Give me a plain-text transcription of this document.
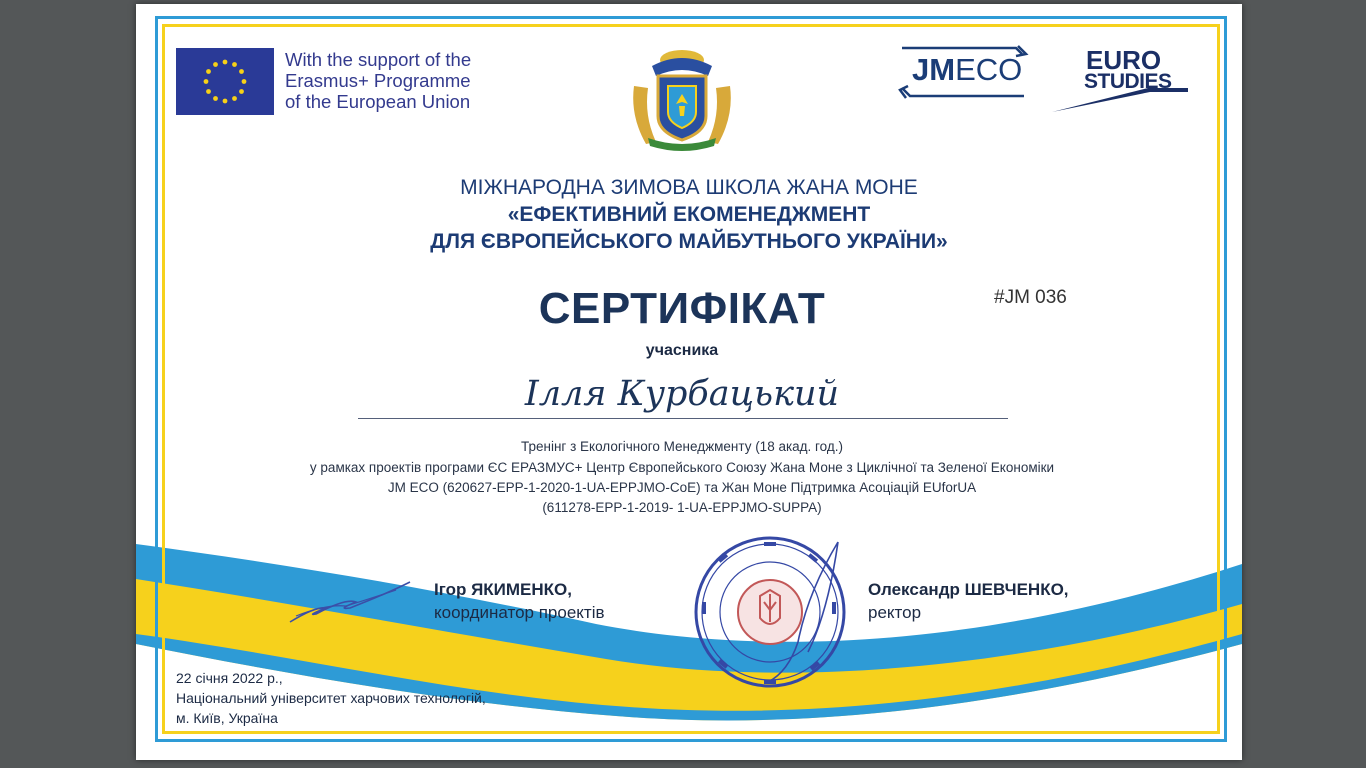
With the support of the
Erasmus+ Programme
of the European Union
JMECO EURO
STUDIES
МІЖНАРОДНА ЗИМОВА ШКОЛА ЖАНА МОНЕ
«ЕФЕКТИВНИЙ ЕКОМЕНЕДЖМЕНТ
ДЛЯ ЄВРОПЕЙСЬКОГО МАЙБУТНЬОГО УКРАЇНИ»
СЕРТИФІКАТ	#JM 036
учасника
Ілля Курбацький
Тренінг з Екологічного Менеджменту (18 акад. год.)
у рамках проектів програми ЄС ЕРАЗМУС+ Центр Європейського Союзу Жана Моне з Циклічної та Зеленої Економіки
JM ECO (620627-EPP-1-2020-1-UA-EPPJMO-CoE) та Жан Моне Підтримка Асоціацій EUforUA
(611278-EPP-1-2019- 1-UA-EPPJMO-SUPPA)
Ігор ЯКИМЕНКО,
координатор проектів
Олександр ШЕВЧЕНКО,
ректор
22 січня 2022 р.,
Національний університет харчових технологій,
м. Київ, Україна
